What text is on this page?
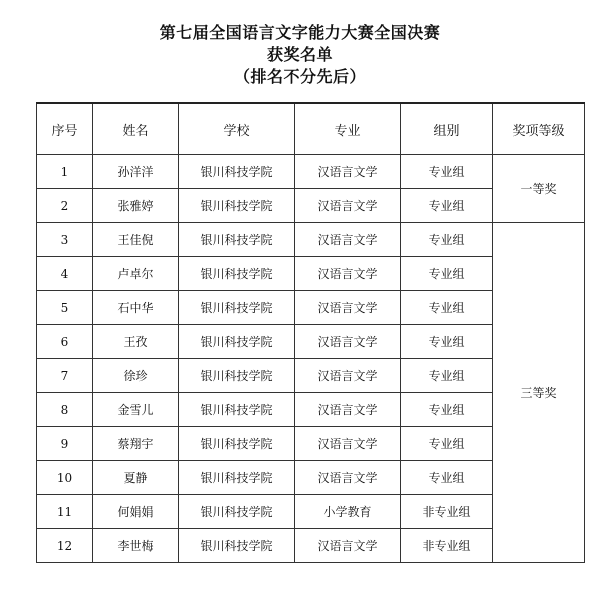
第七届全国语言文字能力大赛全国决赛
获奖名单
（排名不分先后）
序号	姓名	学校	专业	组别	奖项等级
1	孙洋洋	银川科技学院	汉语言文学	专业组	一等奖
2	张雅婷	银川科技学院	汉语言文学	专业组	
3	王佳倪	银川科技学院	汉语言文学	专业组	三等奖
4	卢卓尔	银川科技学院	汉语言文学	专业组	
5	石中华	银川科技学院	汉语言文学	专业组	
6	王孜	银川科技学院	汉语言文学	专业组	
7	徐珍	银川科技学院	汉语言文学	专业组	
8	金雪儿	银川科技学院	汉语言文学	专业组	
9	蔡翔宇	银川科技学院	汉语言文学	专业组	
10	夏静	银川科技学院	汉语言文学	专业组	
11	何娟娟	银川科技学院	小学教育	非专业组	
12	李世梅	银川科技学院	汉语言文学	非专业组	
